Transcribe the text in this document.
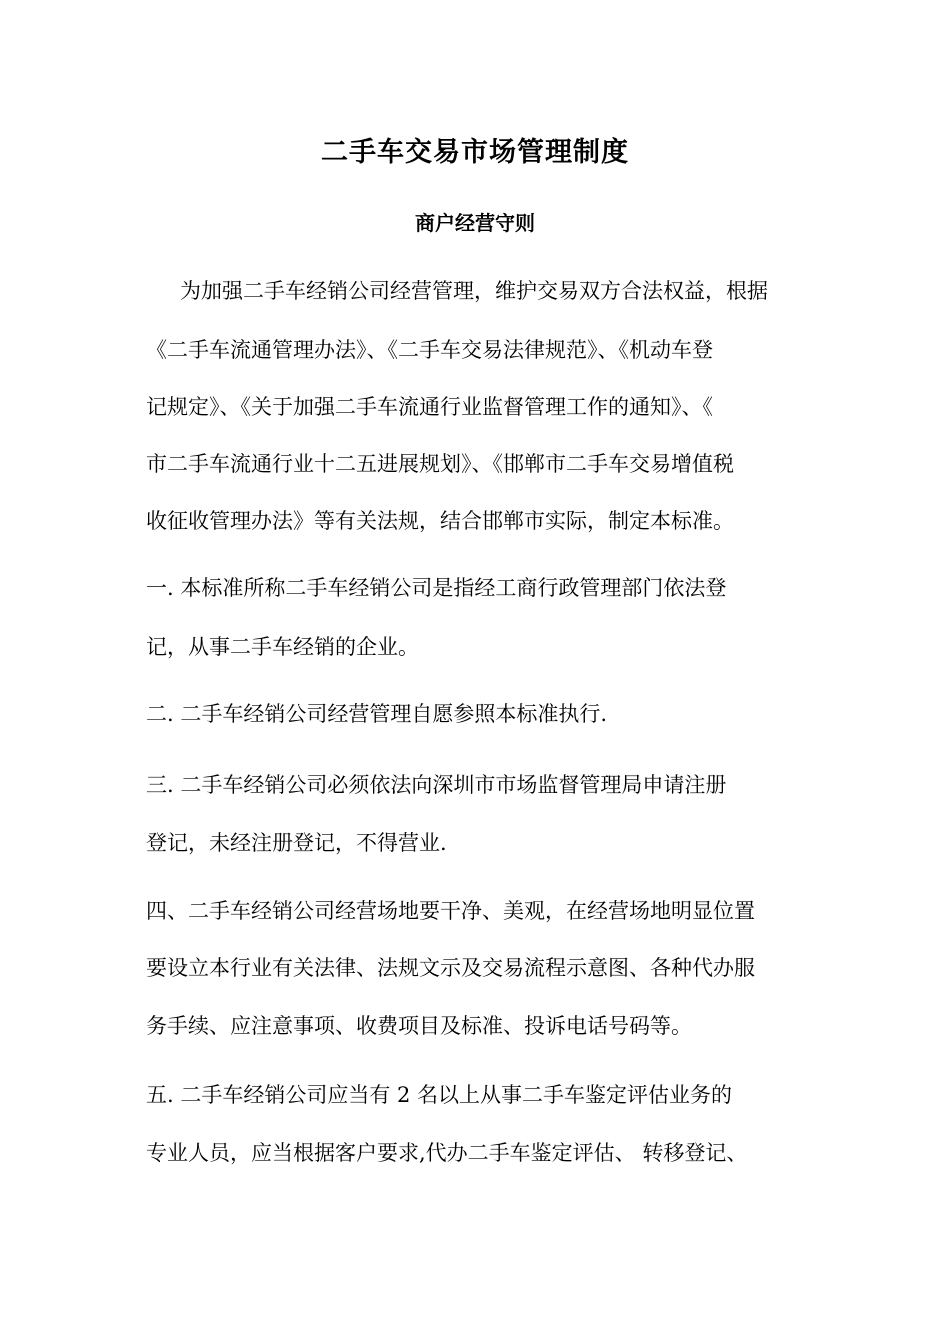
二手车交易市场管理制度
商户经营守则
为加强二手车经销公司经营管理，维护交易双方合法权益，根据
《二手车流通管理办法》、《二手车交易法律规范》、《机动车登
记规定》、《关于加强二手车流通行业监督管理工作的通知》、《
市二手车流通行业十二五进展规划》、《邯郸市二手车交易增值税
收征收管理办法》等有关法规，结合邯郸市实际，制定本标准。
一. 本标准所称二手车经销公司是指经工商行政管理部门依法登
记，从事二手车经销的企业。
二. 二手车经销公司经营管理自愿参照本标准执行.
三. 二手车经销公司必须依法向深圳市市场监督管理局申请注册
登记，未经注册登记，不得营业.
四、二手车经销公司经营场地要干净、美观，在经营场地明显位置
要设立本行业有关法律、法规文示及交易流程示意图、各种代办服
务手续、应注意事项、收费项目及标准、投诉电话号码等。
五. 二手车经销公司应当有 2 名以上从事二手车鉴定评估业务的
专业人员，应当根据客户要求,代办二手车鉴定评估、 转移登记、
